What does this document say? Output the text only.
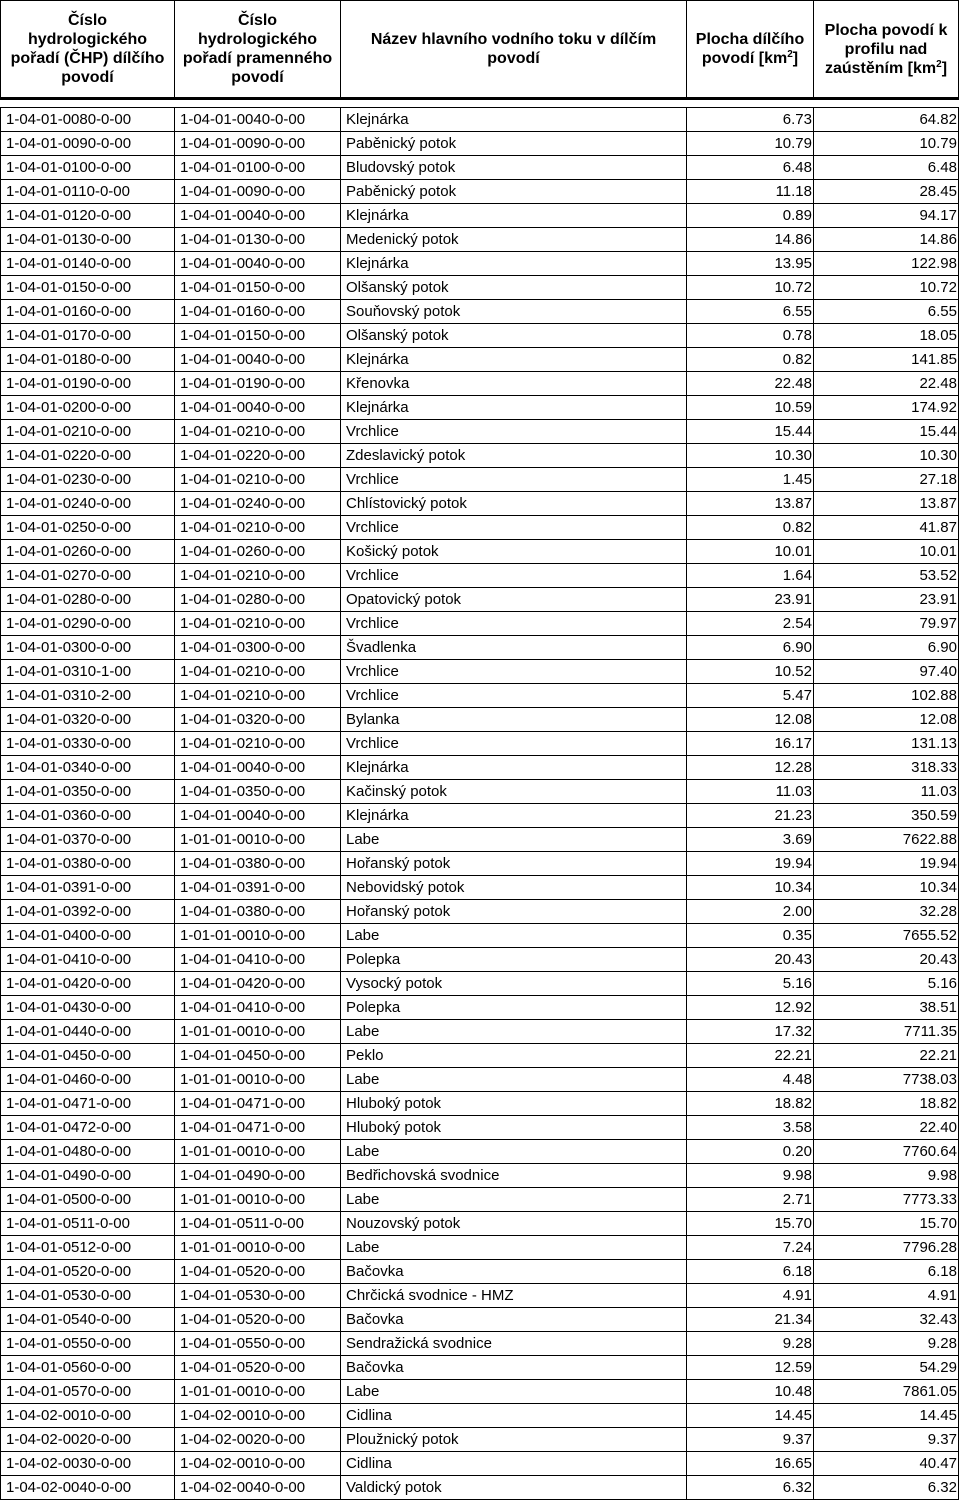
Číslo
hydrologického
pořadí (ČHP) dílčího
povodí	Číslo
hydrologického
pořadí pramenného
povodí	Název hlavního vodního toku v dílčím
povodí	Plocha dílčího
povodí $[km^2]$	Plocha povodí k
profilu nad
zaústěním $[km^2]$

1-04-01-0080-0-00	1-04-01-0040-0-00	Klejnárka	6.73	64.82
1-04-01-0090-0-00	1-04-01-0090-0-00	Paběnický potok	10.79	10.79
1-04-01-0100-0-00	1-04-01-0100-0-00	Bludovský potok	6.48	6.48
1-04-01-0110-0-00	1-04-01-0090-0-00	Paběnický potok	11.18	28.45
1-04-01-0120-0-00	1-04-01-0040-0-00	Klejnárka	0.89	94.17
1-04-01-0130-0-00	1-04-01-0130-0-00	Medenický potok	14.86	14.86
1-04-01-0140-0-00	1-04-01-0040-0-00	Klejnárka	13.95	122.98
1-04-01-0150-0-00	1-04-01-0150-0-00	Olšanský potok	10.72	10.72
1-04-01-0160-0-00	1-04-01-0160-0-00	Souňovský potok	6.55	6.55
1-04-01-0170-0-00	1-04-01-0150-0-00	Olšanský potok	0.78	18.05
1-04-01-0180-0-00	1-04-01-0040-0-00	Klejnárka	0.82	141.85
1-04-01-0190-0-00	1-04-01-0190-0-00	Křenovka	22.48	22.48
1-04-01-0200-0-00	1-04-01-0040-0-00	Klejnárka	10.59	174.92
1-04-01-0210-0-00	1-04-01-0210-0-00	Vrchlice	15.44	15.44
1-04-01-0220-0-00	1-04-01-0220-0-00	Zdeslavický potok	10.30	10.30
1-04-01-0230-0-00	1-04-01-0210-0-00	Vrchlice	1.45	27.18
1-04-01-0240-0-00	1-04-01-0240-0-00	Chlístovický potok	13.87	13.87
1-04-01-0250-0-00	1-04-01-0210-0-00	Vrchlice	0.82	41.87
1-04-01-0260-0-00	1-04-01-0260-0-00	Košický potok	10.01	10.01
1-04-01-0270-0-00	1-04-01-0210-0-00	Vrchlice	1.64	53.52
1-04-01-0280-0-00	1-04-01-0280-0-00	Opatovický potok	23.91	23.91
1-04-01-0290-0-00	1-04-01-0210-0-00	Vrchlice	2.54	79.97
1-04-01-0300-0-00	1-04-01-0300-0-00	Švadlenka	6.90	6.90
1-04-01-0310-1-00	1-04-01-0210-0-00	Vrchlice	10.52	97.40
1-04-01-0310-2-00	1-04-01-0210-0-00	Vrchlice	5.47	102.88
1-04-01-0320-0-00	1-04-01-0320-0-00	Bylanka	12.08	12.08
1-04-01-0330-0-00	1-04-01-0210-0-00	Vrchlice	16.17	131.13
1-04-01-0340-0-00	1-04-01-0040-0-00	Klejnárka	12.28	318.33
1-04-01-0350-0-00	1-04-01-0350-0-00	Kačinský potok	11.03	11.03
1-04-01-0360-0-00	1-04-01-0040-0-00	Klejnárka	21.23	350.59
1-04-01-0370-0-00	1-01-01-0010-0-00	Labe	3.69	7622.88
1-04-01-0380-0-00	1-04-01-0380-0-00	Hořanský potok	19.94	19.94
1-04-01-0391-0-00	1-04-01-0391-0-00	Nebovidský potok	10.34	10.34
1-04-01-0392-0-00	1-04-01-0380-0-00	Hořanský potok	2.00	32.28
1-04-01-0400-0-00	1-01-01-0010-0-00	Labe	0.35	7655.52
1-04-01-0410-0-00	1-04-01-0410-0-00	Polepka	20.43	20.43
1-04-01-0420-0-00	1-04-01-0420-0-00	Vysocký potok	5.16	5.16
1-04-01-0430-0-00	1-04-01-0410-0-00	Polepka	12.92	38.51
1-04-01-0440-0-00	1-01-01-0010-0-00	Labe	17.32	7711.35
1-04-01-0450-0-00	1-04-01-0450-0-00	Peklo	22.21	22.21
1-04-01-0460-0-00	1-01-01-0010-0-00	Labe	4.48	7738.03
1-04-01-0471-0-00	1-04-01-0471-0-00	Hluboký potok	18.82	18.82
1-04-01-0472-0-00	1-04-01-0471-0-00	Hluboký potok	3.58	22.40
1-04-01-0480-0-00	1-01-01-0010-0-00	Labe	0.20	7760.64
1-04-01-0490-0-00	1-04-01-0490-0-00	Bedřichovská svodnice	9.98	9.98
1-04-01-0500-0-00	1-01-01-0010-0-00	Labe	2.71	7773.33
1-04-01-0511-0-00	1-04-01-0511-0-00	Nouzovský potok	15.70	15.70
1-04-01-0512-0-00	1-01-01-0010-0-00	Labe	7.24	7796.28
1-04-01-0520-0-00	1-04-01-0520-0-00	Bačovka	6.18	6.18
1-04-01-0530-0-00	1-04-01-0530-0-00	Chrčická svodnice - HMZ	4.91	4.91
1-04-01-0540-0-00	1-04-01-0520-0-00	Bačovka	21.34	32.43
1-04-01-0550-0-00	1-04-01-0550-0-00	Sendražická svodnice	9.28	9.28
1-04-01-0560-0-00	1-04-01-0520-0-00	Bačovka	12.59	54.29
1-04-01-0570-0-00	1-01-01-0010-0-00	Labe	10.48	7861.05
1-04-02-0010-0-00	1-04-02-0010-0-00	Cidlina	14.45	14.45
1-04-02-0020-0-00	1-04-02-0020-0-00	Ploužnický potok	9.37	9.37
1-04-02-0030-0-00	1-04-02-0010-0-00	Cidlina	16.65	40.47
1-04-02-0040-0-00	1-04-02-0040-0-00	Valdický potok	6.32	6.32
